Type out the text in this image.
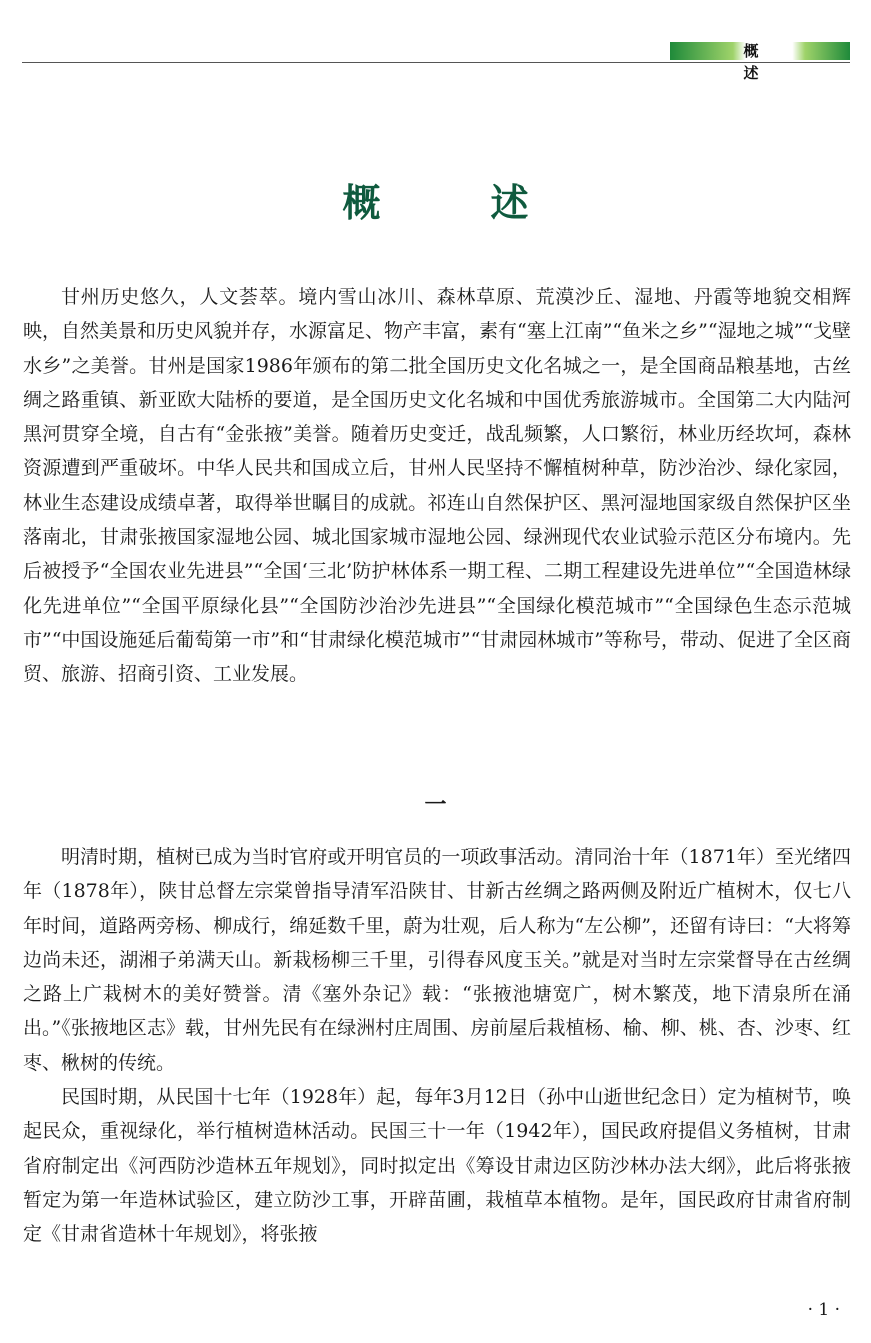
概　述
概述

甘州历史悠久，人文荟萃。境内雪山冰川、森林草原、荒漠沙丘、湿地、丹霞等地貌交相辉映，自然美景和历史风貌并存，水源富足、物产丰富，素有“塞上江南”“鱼米之乡”“湿地之城”“戈壁水乡”之美誉。甘州是国家1986年颁布的第二批全国历史文化名城之一，是全国商品粮基地，古丝绸之路重镇、新亚欧大陆桥的要道，是全国历史文化名城和中国优秀旅游城市。全国第二大内陆河黑河贯穿全境，自古有“金张掖”美誉。随着历史变迁，战乱频繁，人口繁衍，林业历经坎坷，森林资源遭到严重破坏。中华人民共和国成立后，甘州人民坚持不懈植树种草，防沙治沙、绿化家园，林业生态建设成绩卓著，取得举世瞩目的成就。祁连山自然保护区、黑河湿地国家级自然保护区坐落南北，甘肃张掖国家湿地公园、城北国家城市湿地公园、绿洲现代农业试验示范区分布境内。先后被授予“全国农业先进县”“全国‘三北’防护林体系一期工程、二期工程建设先进单位”“全国造林绿化先进单位”“全国平原绿化县”“全国防沙治沙先进县”“全国绿化模范城市”“全国绿色生态示范城市”“中国设施延后葡萄第一市”和“甘肃绿化模范城市”“甘肃园林城市”等称号，带动、促进了全区商贸、旅游、招商引资、工业发展。

一

明清时期，植树已成为当时官府或开明官员的一项政事活动。清同治十年（1871年）至光绪四年（1878年），陕甘总督左宗棠曾指导清军沿陕甘、甘新古丝绸之路两侧及附近广植树木，仅七八年时间，道路两旁杨、柳成行，绵延数千里，蔚为壮观，后人称为“左公柳”，还留有诗曰：“大将筹边尚未还，湖湘子弟满天山。新栽杨柳三千里，引得春风度玉关。”就是对当时左宗棠督导在古丝绸之路上广栽树木的美好赞誉。清《塞外杂记》载：“张掖池塘宽广，树木繁茂，地下清泉所在涌出。”《张掖地区志》载，甘州先民有在绿洲村庄周围、房前屋后栽植杨、榆、柳、桃、杏、沙枣、红枣、楸树的传统。

民国时期，从民国十七年（1928年）起，每年3月12日（孙中山逝世纪念日）定为植树节，唤起民众，重视绿化，举行植树造林活动。民国三十一年（1942年），国民政府提倡义务植树，甘肃省府制定出《河西防沙造林五年规划》，同时拟定出《筹设甘肃边区防沙林办法大纲》，此后将张掖暂定为第一年造林试验区，建立防沙工事，开辟苗圃，栽植草本植物。是年，国民政府甘肃省府制定《甘肃省造林十年规划》，将张掖

· 1 ·
